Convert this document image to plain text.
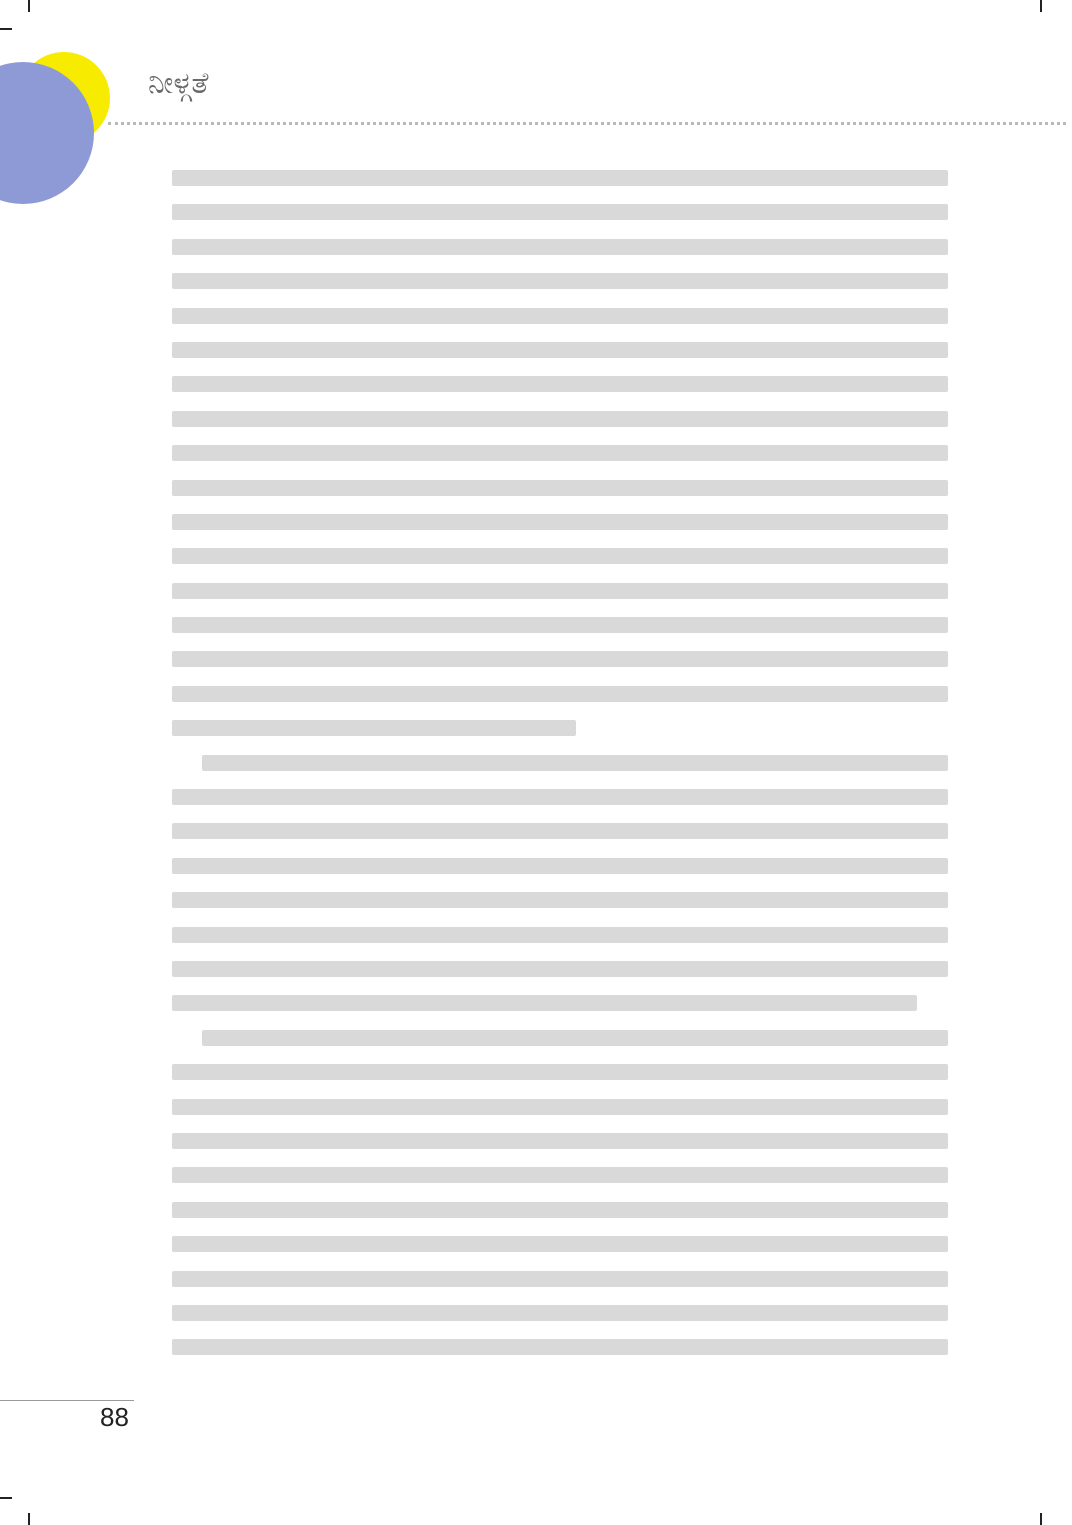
ನೀಳ್ಗತೆ
88
